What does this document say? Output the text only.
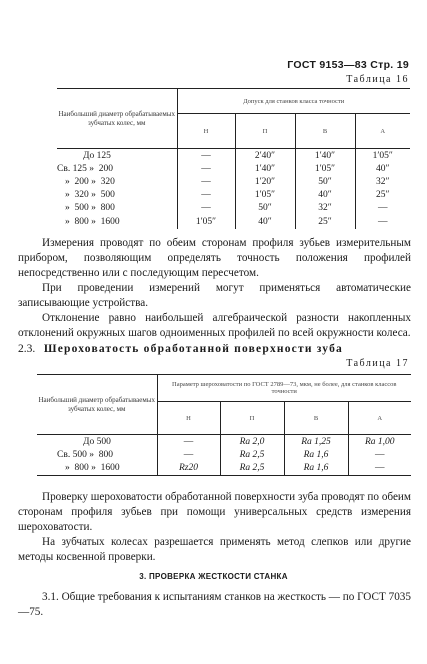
ГОСТ 9153—83 Стр. 19
Таблица 16
Наибольший диаметр обрабатываемых зубчатых колес, мм	Допуск для станков класса точности			
	Н	П	В	А
До 125	—	2′40″	1′40″	1′05″
Св. 125 »  200	—	1′40″	1′05″	40″
»  200 »  320	—	1′20″	50″	32″
»  320 »  500	—	1′05″	40″	25″
»  500 »  800	—	50″	32″	—
»  800 »  1600	1′05″	40″	25″	—
Измерения проводят по обеим сторонам профиля зубьев измерительным прибором, позволяющим определять точность положения профилей непосредственно или с последующим пересчетом.
При проведении измерений могут применяться автоматические записывающие устройства.
Отклонение равно наибольшей алгебраической разности накопленных отклонений окружных шагов одноименных профилей по всей окружности колеса.
2.3. Шероховатость обработанной поверхности зуба
Таблица 17
Наибольший диаметр обрабатываемых зубчатых колес, мм	Параметр шероховатости по ГОСТ 2789—73, мкм, не более, для станков классов точности			
	Н	П	В	А
До 500	—	Ra 2,0	Ra 1,25	Ra 1,00
Св. 500 »  800	—	Ra 2,5	Ra 1,6	—
»  800 »  1600	Rz20	Ra 2,5	Ra 1,6	—
Проверку шероховатости обработанной поверхности зуба проводят по обеим сторонам профиля зубьев при помощи универсальных средств измерения шероховатости.
На зубчатых колесах разрешается применять метод слепков или другие методы косвенной проверки.
3. ПРОВЕРКА ЖЕСТКОСТИ СТАНКА
3.1. Общие требования к испытаниям станков на жесткость — по ГОСТ 7035—75.
